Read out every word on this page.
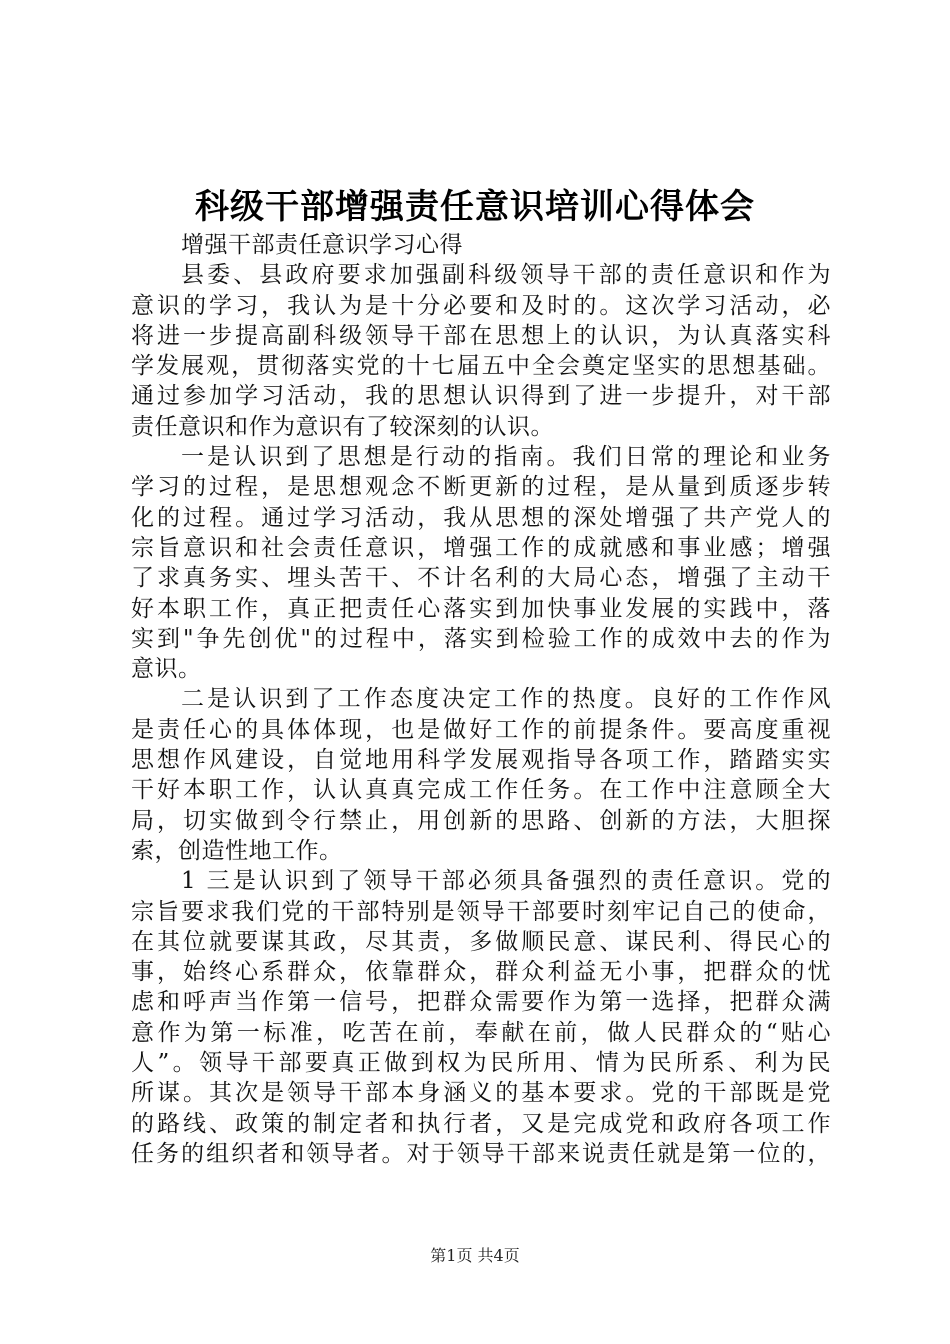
科级干部增强责任意识培训心得体会
增强干部责任意识学习心得
县委、县政府要求加强副科级领导干部的责任意识和作为
意识的学习，我认为是十分必要和及时的。这次学习活动，必
将进一步提高副科级领导干部在思想上的认识，为认真落实科
学发展观，贯彻落实党的十七届五中全会奠定坚实的思想基础。
通过参加学习活动，我的思想认识得到了进一步提升，对干部
责任意识和作为意识有了较深刻的认识。
一是认识到了思想是行动的指南。我们日常的理论和业务
学习的过程，是思想观念不断更新的过程，是从量到质逐步转
化的过程。通过学习活动，我从思想的深处增强了共产党人的
宗旨意识和社会责任意识，增强工作的成就感和事业感；增强
了求真务实、埋头苦干、不计名利的大局心态，增强了主动干
好本职工作，真正把责任心落实到加快事业发展的实践中，落
实到"争先创优"的过程中，落实到检验工作的成效中去的作为
意识。
二是认识到了工作态度决定工作的热度。良好的工作作风
是责任心的具体体现，也是做好工作的前提条件。要高度重视
思想作风建设，自觉地用科学发展观指导各项工作，踏踏实实
干好本职工作，认认真真完成工作任务。在工作中注意顾全大
局，切实做到令行禁止，用创新的思路、创新的方法，大胆探
索，创造性地工作。
1 三是认识到了领导干部必须具备强烈的责任意识。党的
宗旨要求我们党的干部特别是领导干部要时刻牢记自己的使命，
在其位就要谋其政，尽其责，多做顺民意、谋民利、得民心的
事，始终心系群众，依靠群众，群众利益无小事，把群众的忧
虑和呼声当作第一信号，把群众需要作为第一选择，把群众满
意作为第一标准，吃苦在前，奉献在前，做人民群众的“贴心
人”。领导干部要真正做到权为民所用、情为民所系、利为民
所谋。其次是领导干部本身涵义的基本要求。党的干部既是党
的路线、政策的制定者和执行者，又是完成党和政府各项工作
任务的组织者和领导者。对于领导干部来说责任就是第一位的，
第1页 共4页
